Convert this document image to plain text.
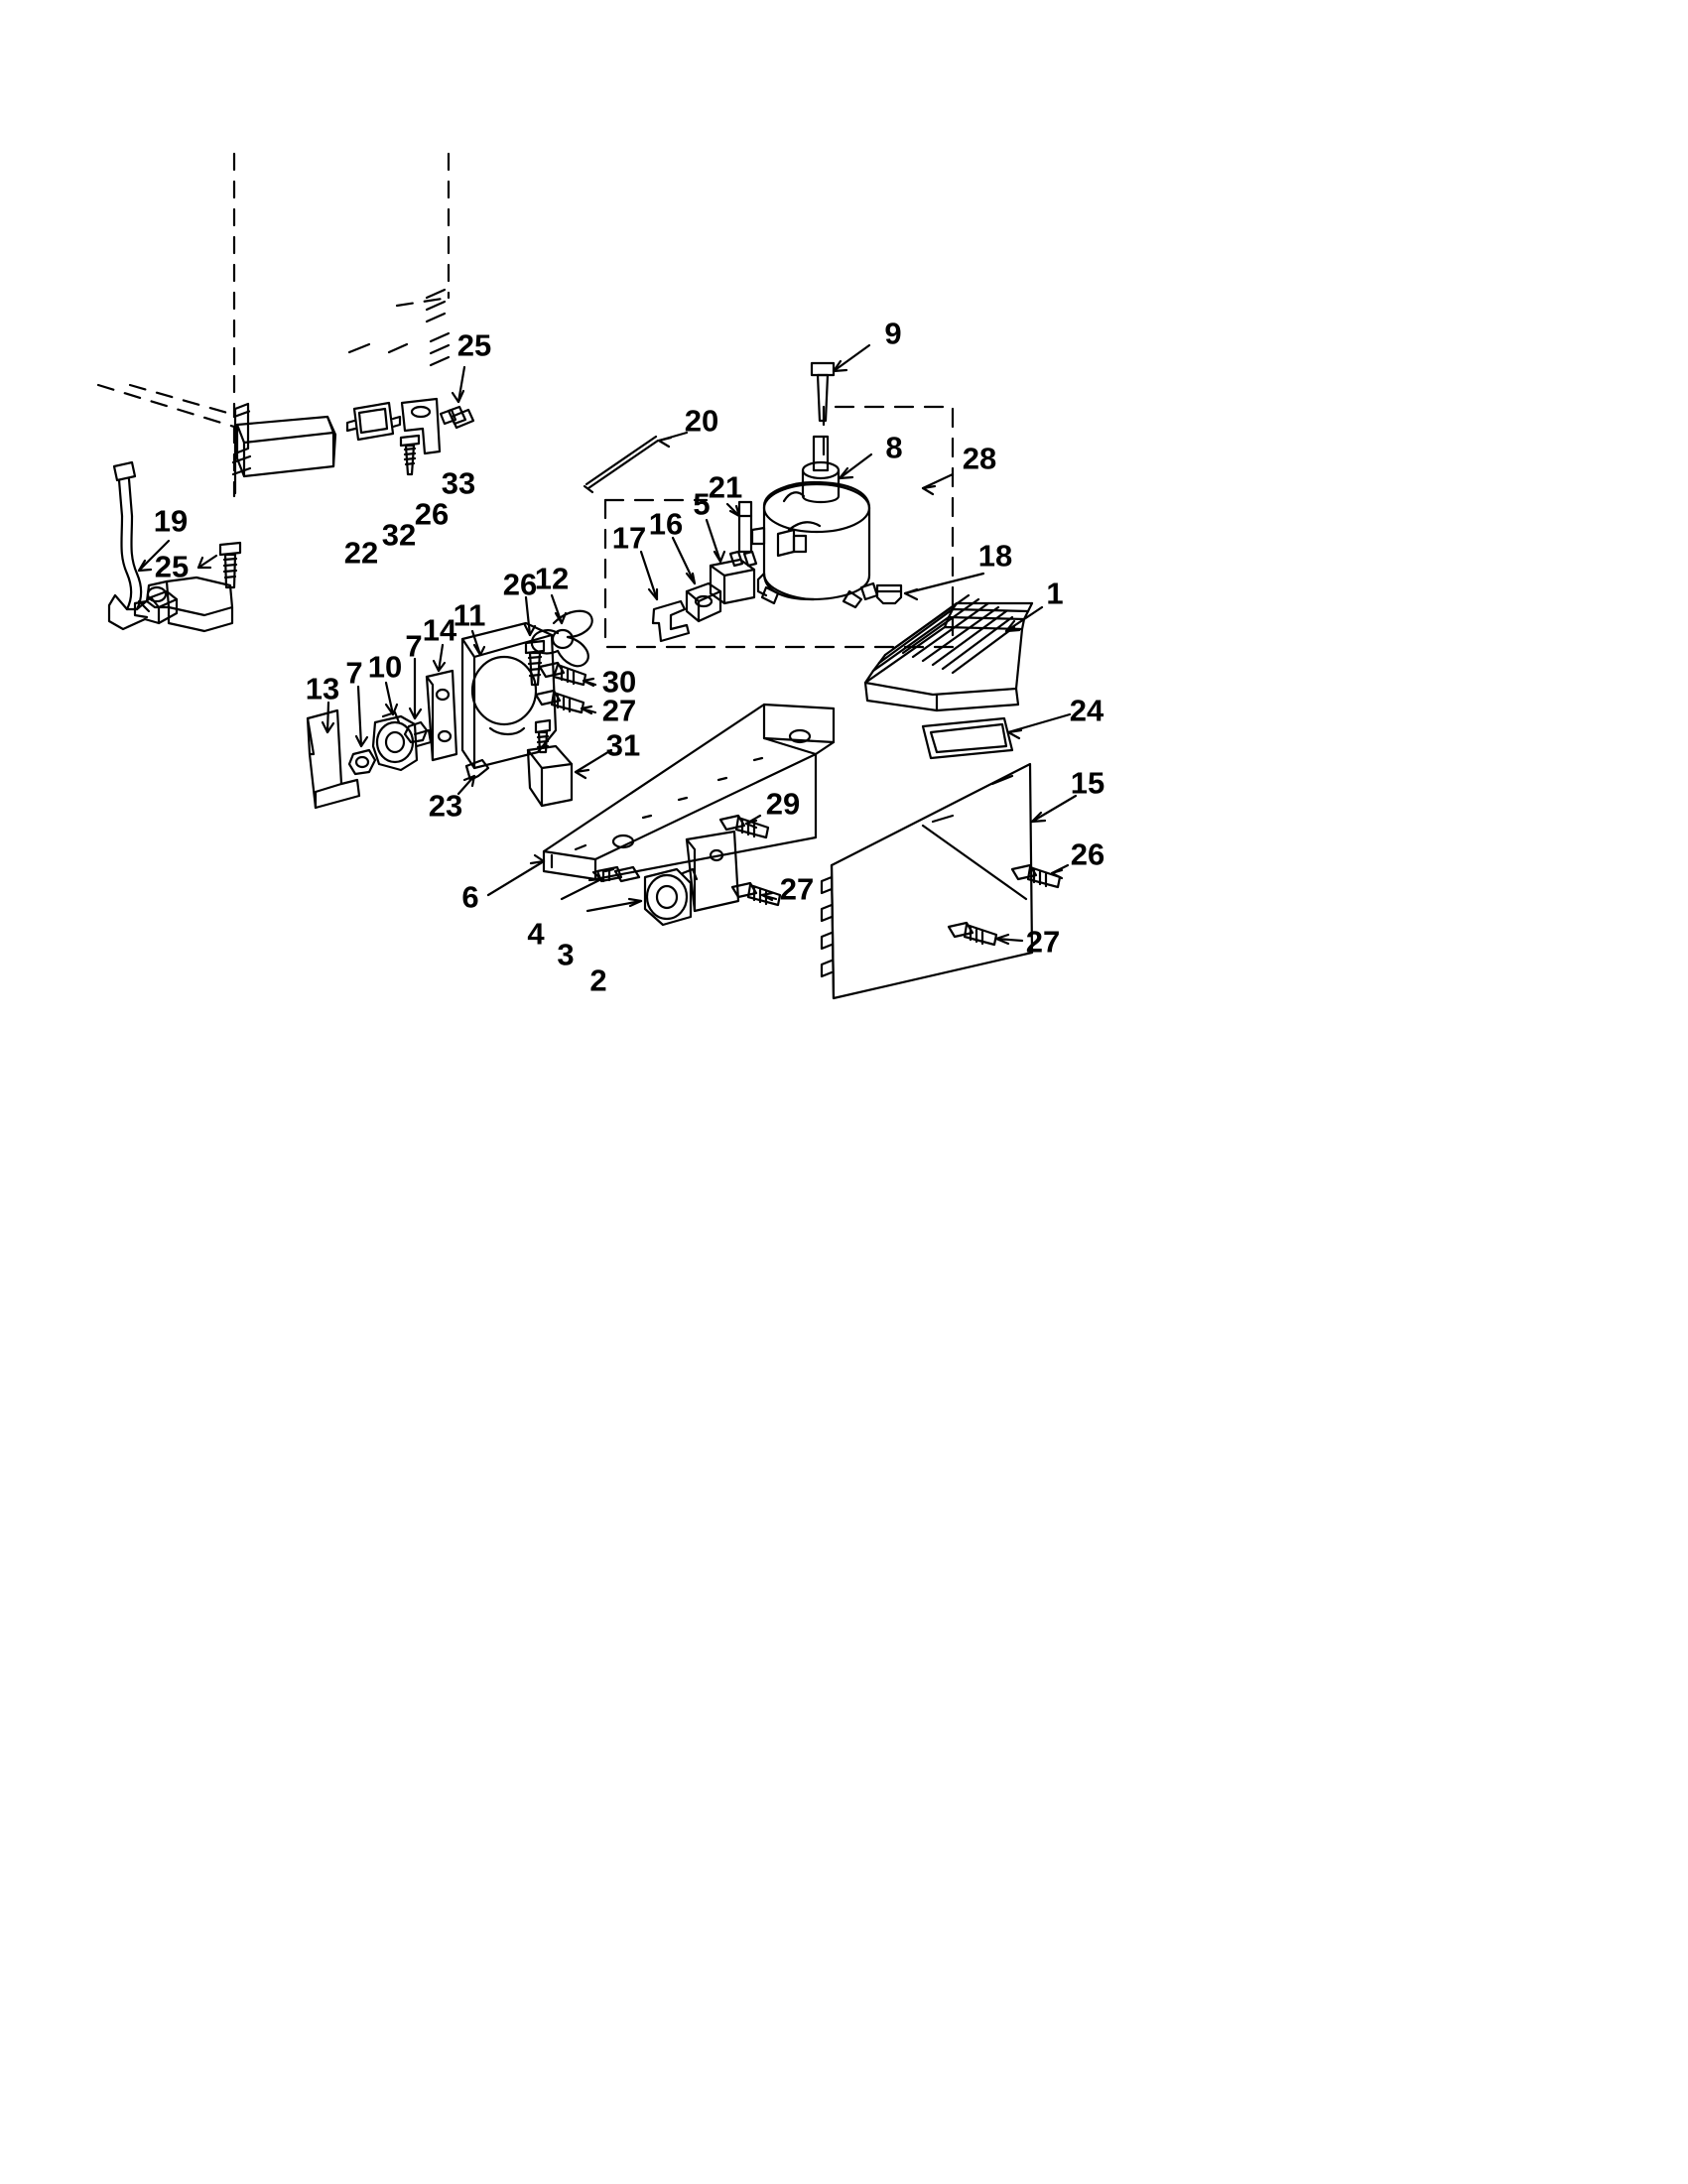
25	9
20
8 28
33
26
21
19	5
16
17
32
22	18
25
1
26
12
11
14
7
10
7
13	30
27	24
31
15
23	29
26
6	27
4	27
3
2
